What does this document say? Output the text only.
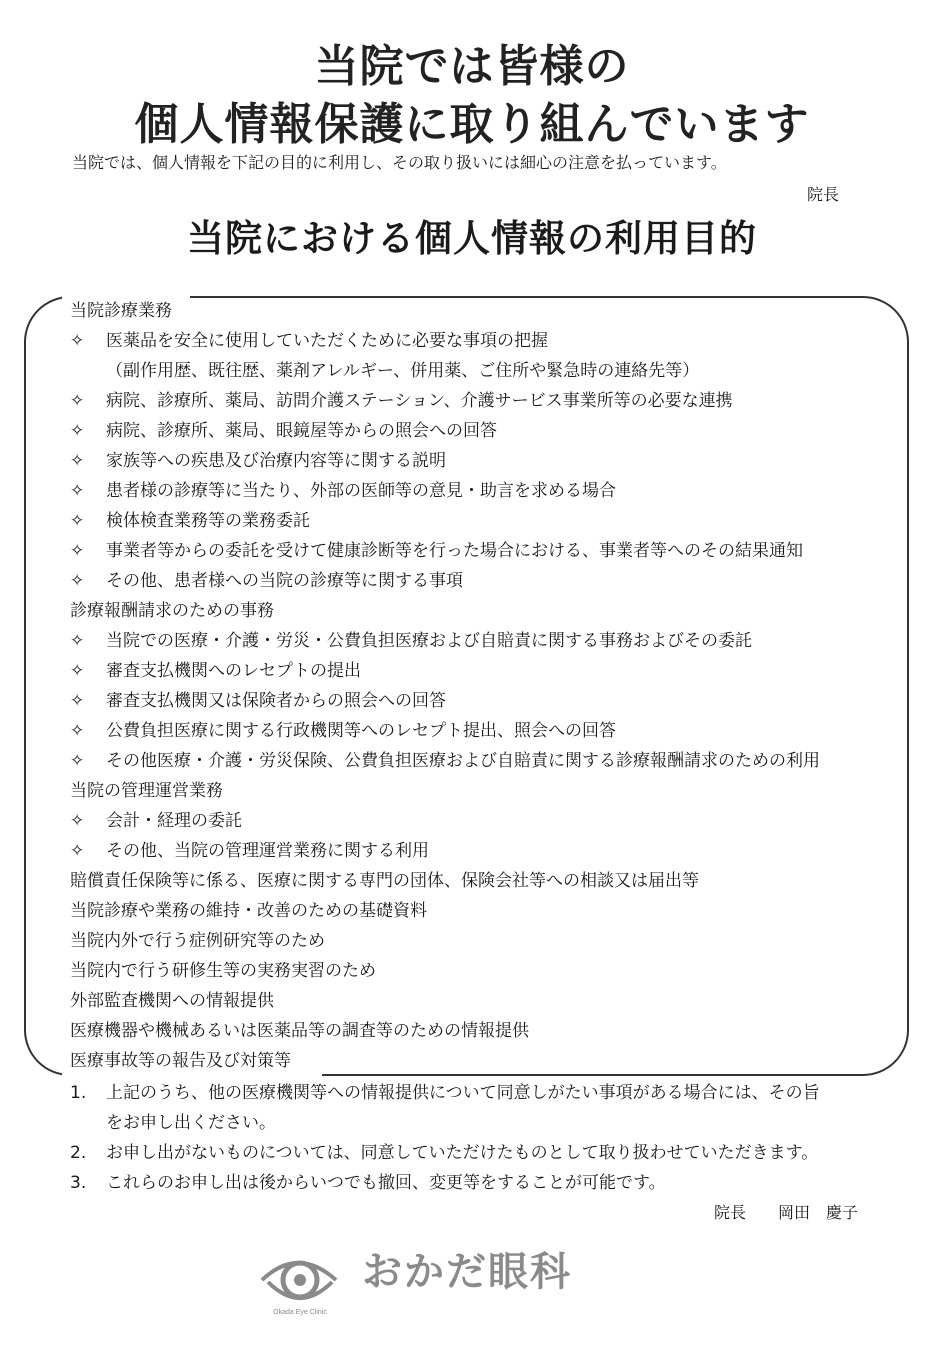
当院では皆様の
個人情報保護に取り組んでいます
当院では、個人情報を下記の目的に利用し、その取り扱いには細心の注意を払っています。
院長
当院における個人情報の利用目的
当院診療業務
✧ 医薬品を安全に使用していただくために必要な事項の把握
（副作用歴、既往歴、薬剤アレルギー、併用薬、ご住所や緊急時の連絡先等）
✧ 病院、診療所、薬局、訪問介護ステーション、介護サービス事業所等の必要な連携
✧ 病院、診療所、薬局、眼鏡屋等からの照会への回答
✧ 家族等への疾患及び治療内容等に関する説明
✧ 患者様の診療等に当たり、外部の医師等の意見・助言を求める場合
✧ 検体検査業務等の業務委託
✧ 事業者等からの委託を受けて健康診断等を行った場合における、事業者等へのその結果通知
✧ その他、患者様への当院の診療等に関する事項
診療報酬請求のための事務
✧ 当院での医療・介護・労災・公費負担医療および自賠責に関する事務およびその委託
✧ 審査支払機関へのレセプトの提出
✧ 審査支払機関又は保険者からの照会への回答
✧ 公費負担医療に関する行政機関等へのレセプト提出、照会への回答
✧ その他医療・介護・労災保険、公費負担医療および自賠責に関する診療報酬請求のための利用
当院の管理運営業務
✧ 会計・経理の委託
✧ その他、当院の管理運営業務に関する利用
賠償責任保険等に係る、医療に関する専門の団体、保険会社等への相談又は届出等
当院診療や業務の維持・改善のための基礎資料
当院内外で行う症例研究等のため
当院内で行う研修生等の実務実習のため
外部監査機関への情報提供
医療機器や機械あるいは医薬品等の調査等のための情報提供
医療事故等の報告及び対策等
1.	上記のうち、他の医療機関等への情報提供について同意しがたい事項がある場合には、その旨
をお申し出ください。
2.	お申し出がないものについては、同意していただけたものとして取り扱わせていただきます。
3.	これらのお申し出は後からいつでも撤回、変更等をすることが可能です。
院長　　岡田　慶子
Okada Eye Clinic
おかだ眼科
